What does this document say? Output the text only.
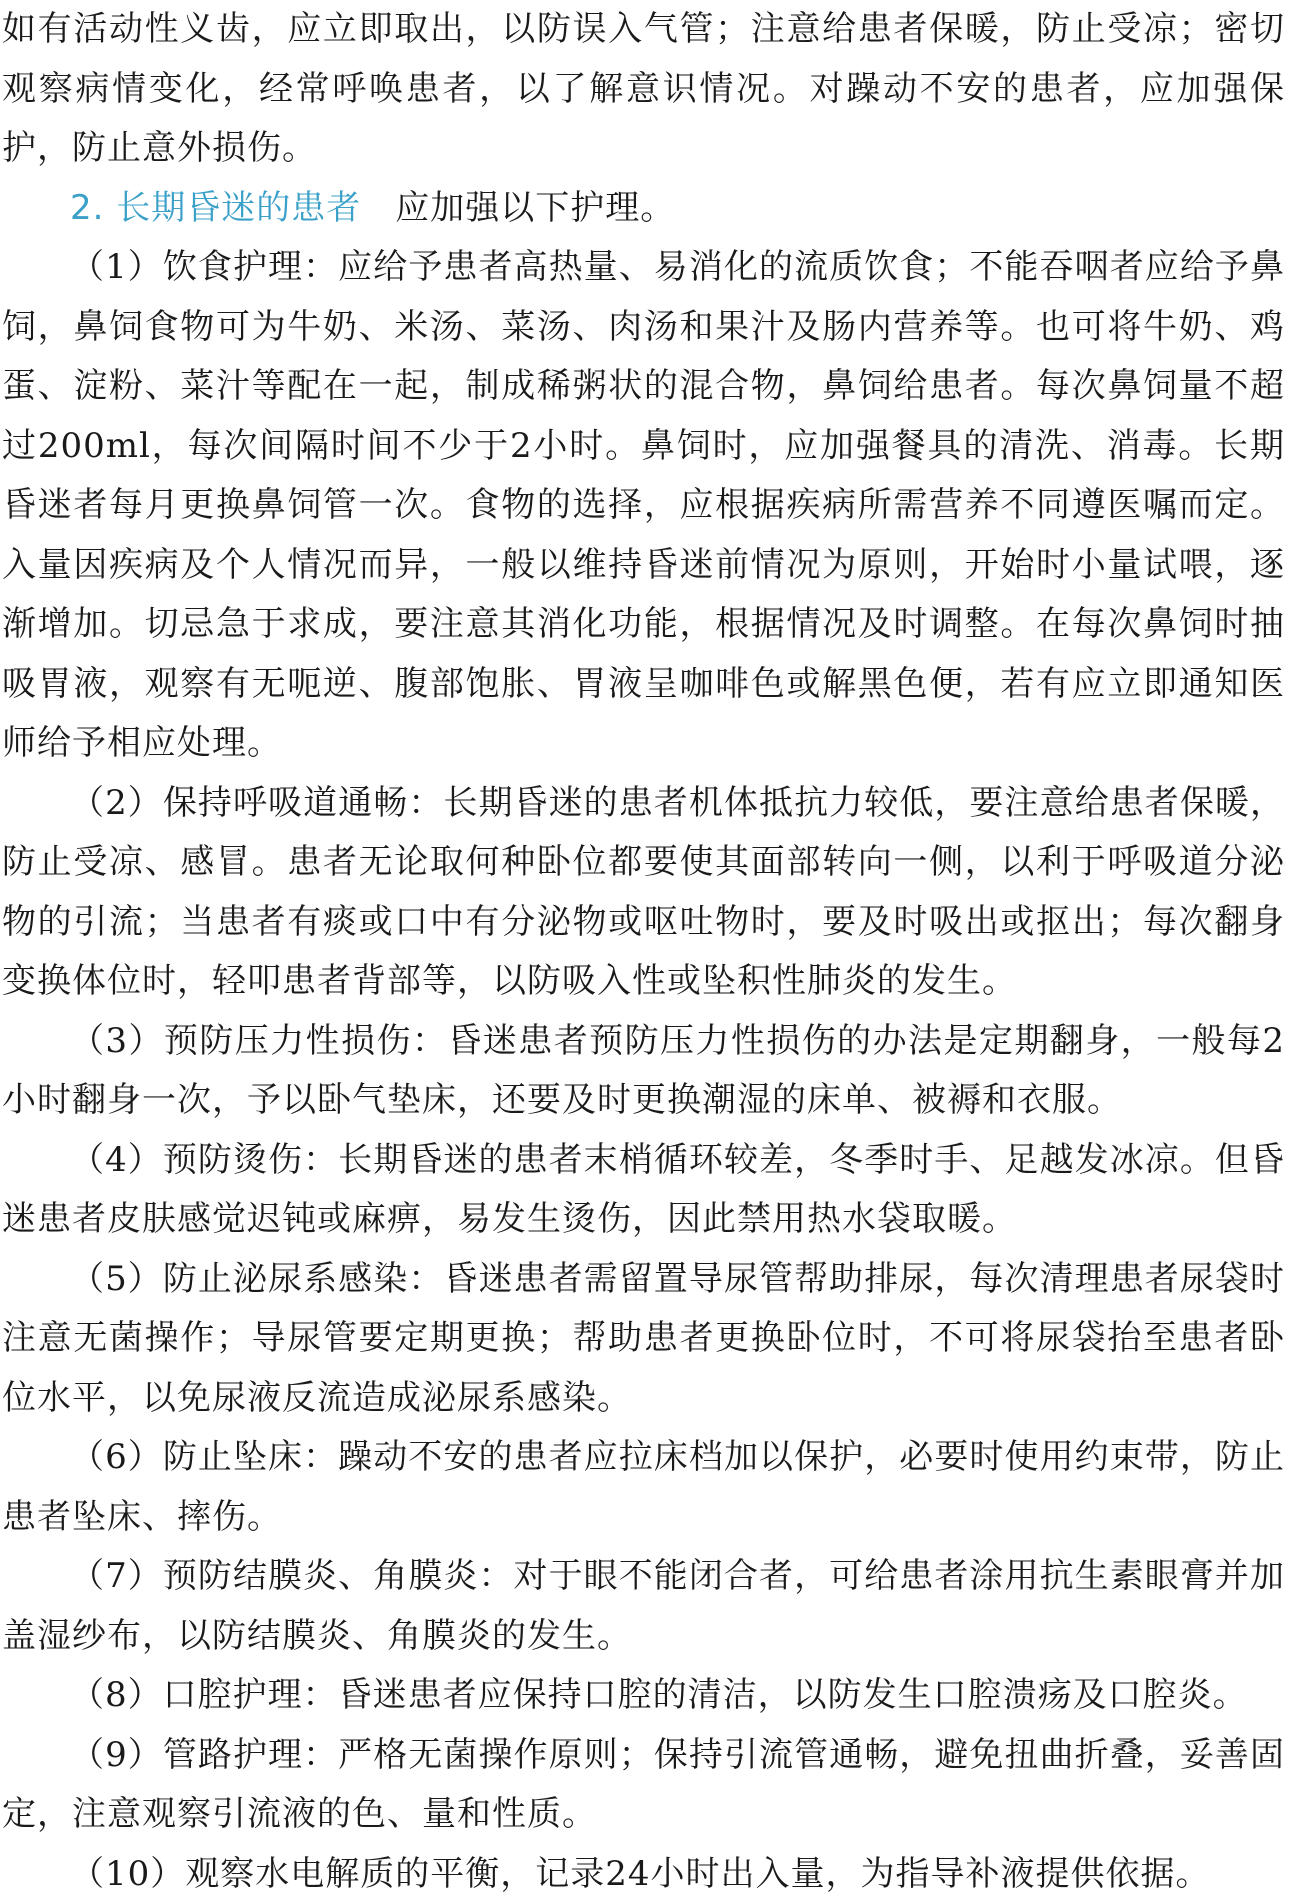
如有活动性义齿，应立即取出，以防误入气管；注意给患者保暖，防止受凉；密切观察病情变化，经常呼唤患者，以了解意识情况。对躁动不安的患者，应加强保护，防止意外损伤。

2. 长期昏迷的患者 应加强以下护理。

（1）饮食护理：应给予患者高热量、易消化的流质饮食；不能吞咽者应给予鼻饲，鼻饲食物可为牛奶、米汤、菜汤、肉汤和果汁及肠内营养等。也可将牛奶、鸡蛋、淀粉、菜汁等配在一起，制成稀粥状的混合物，鼻饲给患者。每次鼻饲量不超过200ml，每次间隔时间不少于2小时。鼻饲时，应加强餐具的清洗、消毒。长期昏迷者每月更换鼻饲管一次。食物的选择，应根据疾病所需营养不同遵医嘱而定。入量因疾病及个人情况而异，一般以维持昏迷前情况为原则，开始时小量试喂，逐渐增加。切忌急于求成，要注意其消化功能，根据情况及时调整。在每次鼻饲时抽吸胃液，观察有无呃逆、腹部饱胀、胃液呈咖啡色或解黑色便，若有应立即通知医师给予相应处理。

（2）保持呼吸道通畅：长期昏迷的患者机体抵抗力较低，要注意给患者保暖，防止受凉、感冒。患者无论取何种卧位都要使其面部转向一侧，以利于呼吸道分泌物的引流；当患者有痰或口中有分泌物或呕吐物时，要及时吸出或抠出；每次翻身变换体位时，轻叩患者背部等，以防吸入性或坠积性肺炎的发生。

（3）预防压力性损伤：昏迷患者预防压力性损伤的办法是定期翻身，一般每2小时翻身一次，予以卧气垫床，还要及时更换潮湿的床单、被褥和衣服。

（4）预防烫伤：长期昏迷的患者末梢循环较差，冬季时手、足越发冰凉。但昏迷患者皮肤感觉迟钝或麻痹，易发生烫伤，因此禁用热水袋取暖。

（5）防止泌尿系感染：昏迷患者需留置导尿管帮助排尿，每次清理患者尿袋时注意无菌操作；导尿管要定期更换；帮助患者更换卧位时，不可将尿袋抬至患者卧位水平，以免尿液反流造成泌尿系感染。

（6）防止坠床：躁动不安的患者应拉床档加以保护，必要时使用约束带，防止患者坠床、摔伤。

（7）预防结膜炎、角膜炎：对于眼不能闭合者，可给患者涂用抗生素眼膏并加盖湿纱布，以防结膜炎、角膜炎的发生。

（8）口腔护理：昏迷患者应保持口腔的清洁，以防发生口腔溃疡及口腔炎。

（9）管路护理：严格无菌操作原则；保持引流管通畅，避免扭曲折叠，妥善固定，注意观察引流液的色、量和性质。

（10）观察水电解质的平衡，记录24小时出入量，为指导补液提供依据。
